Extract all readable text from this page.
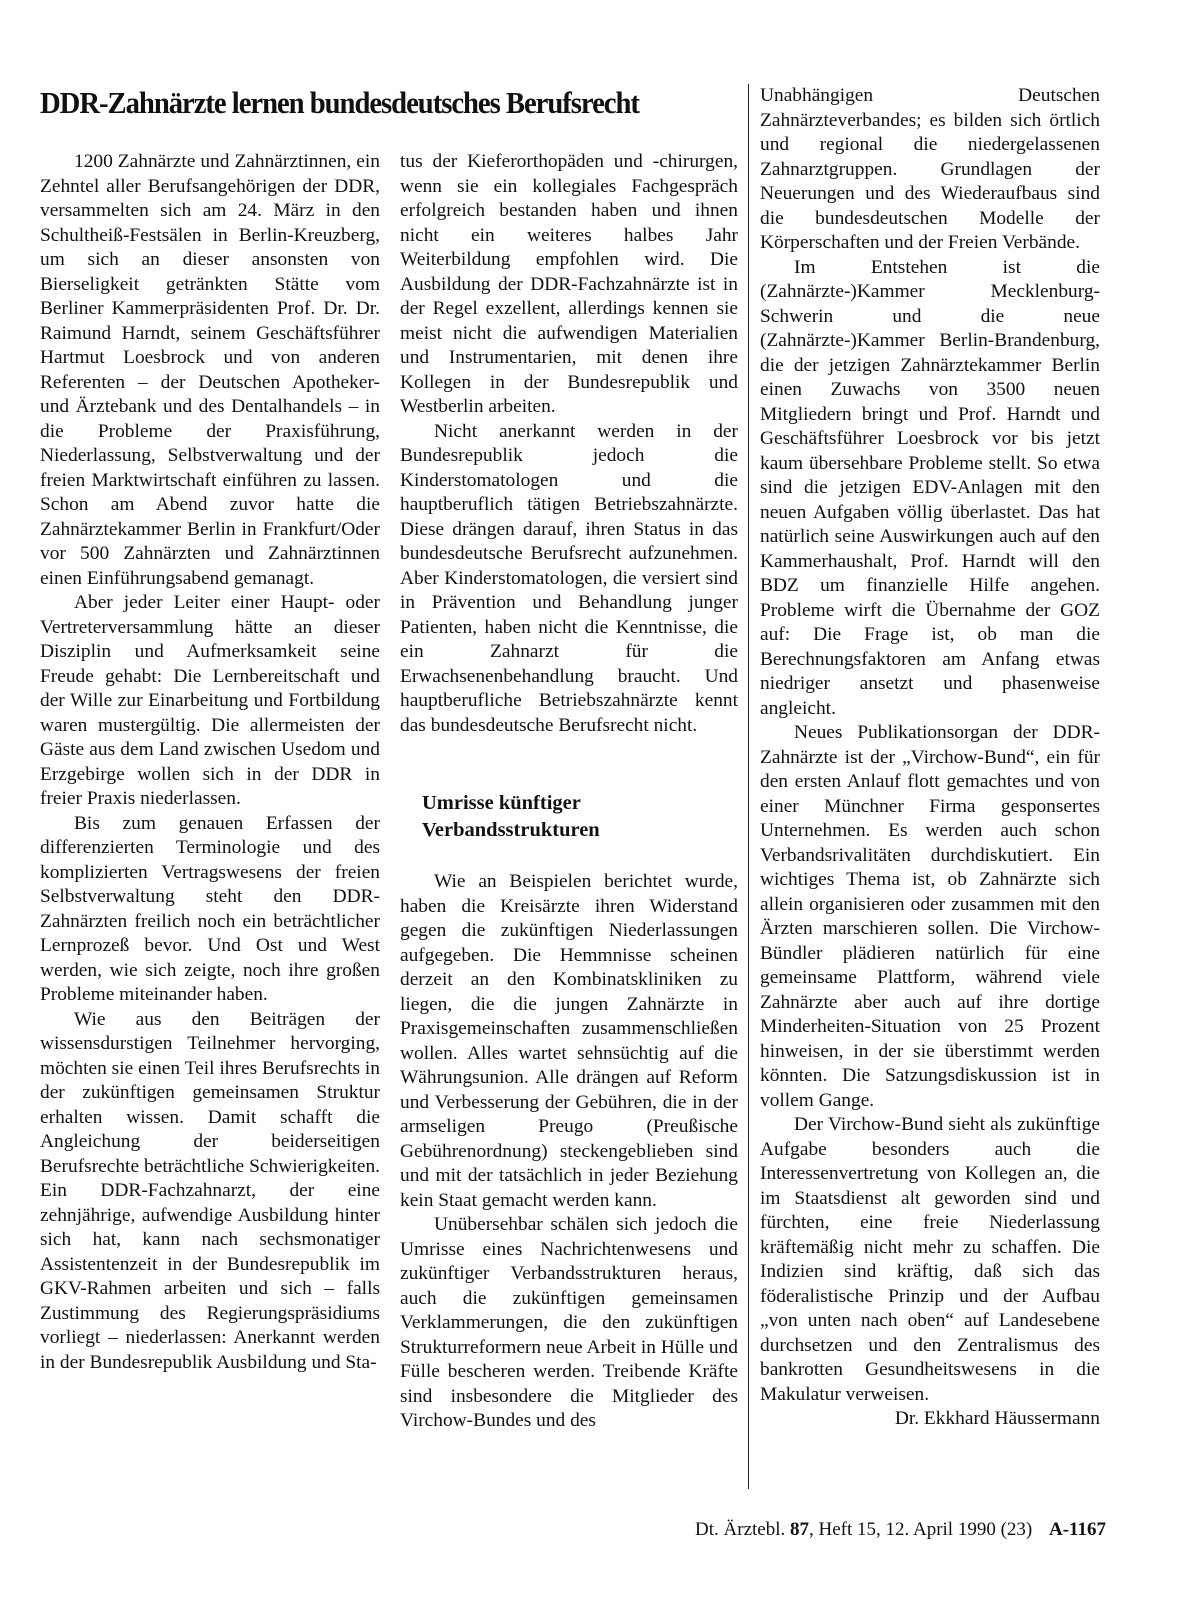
DDR-Zahnärzte lernen bundesdeutsches Berufsrecht

1200 Zahnärzte und Zahnärztinnen, ein Zehntel aller Berufsangehörigen der DDR, versammelten sich am 24. März in den Schultheiß-Festsälen in Berlin-Kreuzberg, um sich an dieser ansonsten von Bierseligkeit getränkten Stätte vom Berliner Kammerpräsidenten Prof. Dr. Dr. Raimund Harndt, seinem Geschäftsführer Hartmut Loesbrock und von anderen Referenten – der Deutschen Apotheker- und Ärztebank und des Dentalhandels – in die Probleme der Praxisführung, Niederlassung, Selbstverwaltung und der freien Marktwirtschaft einführen zu lassen. Schon am Abend zuvor hatte die Zahnärztekammer Berlin in Frankfurt/Oder vor 500 Zahnärzten und Zahnärztinnen einen Einführungsabend gemanagt.

Aber jeder Leiter einer Haupt- oder Vertreterversammlung hätte an dieser Disziplin und Aufmerksamkeit seine Freude gehabt: Die Lernbereitschaft und der Wille zur Einarbeitung und Fortbildung waren mustergültig. Die allermeisten der Gäste aus dem Land zwischen Usedom und Erzgebirge wollen sich in der DDR in freier Praxis niederlassen.

Bis zum genauen Erfassen der differenzierten Terminologie und des komplizierten Vertragswesens der freien Selbstverwaltung steht den DDR-Zahnärzten freilich noch ein beträchtlicher Lernprozeß bevor. Und Ost und West werden, wie sich zeigte, noch ihre großen Probleme miteinander haben.

Wie aus den Beiträgen der wissensdurstigen Teilnehmer hervorging, möchten sie einen Teil ihres Berufsrechts in der zukünftigen gemeinsamen Struktur erhalten wissen. Damit schafft die Angleichung der beiderseitigen Berufsrechte beträchtliche Schwierigkeiten. Ein DDR-Fachzahnarzt, der eine zehnjährige, aufwendige Ausbildung hinter sich hat, kann nach sechsmonatiger Assistentenzeit in der Bundesrepublik im GKV-Rahmen arbeiten und sich – falls Zustimmung des Regierungspräsidiums vorliegt – niederlassen: Anerkannt werden in der Bundesrepublik Ausbildung und Sta-

tus der Kieferorthopäden und -chirurgen, wenn sie ein kollegiales Fachgespräch erfolgreich bestanden haben und ihnen nicht ein weiteres halbes Jahr Weiterbildung empfohlen wird. Die Ausbildung der DDR-Fachzahnärzte ist in der Regel exzellent, allerdings kennen sie meist nicht die aufwendigen Materialien und Instrumentarien, mit denen ihre Kollegen in der Bundesrepublik und Westberlin arbeiten.

Nicht anerkannt werden in der Bundesrepublik jedoch die Kinderstomatologen und die hauptberuflich tätigen Betriebszahnärzte. Diese drängen darauf, ihren Status in das bundesdeutsche Berufsrecht aufzunehmen. Aber Kinderstomatologen, die versiert sind in Prävention und Behandlung junger Patienten, haben nicht die Kenntnisse, die ein Zahnarzt für die Erwachsenenbehandlung braucht. Und hauptberufliche Betriebszahnärzte kennt das bundesdeutsche Berufsrecht nicht.

Umrisse künftiger
Verbandsstrukturen

Wie an Beispielen berichtet wurde, haben die Kreisärzte ihren Widerstand gegen die zukünftigen Niederlassungen aufgegeben. Die Hemmnisse scheinen derzeit an den Kombinatskliniken zu liegen, die die jungen Zahnärzte in Praxisgemeinschaften zusammenschließen wollen. Alles wartet sehnsüchtig auf die Währungsunion. Alle drängen auf Reform und Verbesserung der Gebühren, die in der armseligen Preugo (Preußische Gebührenordnung) steckengeblieben sind und mit der tatsächlich in jeder Beziehung kein Staat gemacht werden kann.

Unübersehbar schälen sich jedoch die Umrisse eines Nachrichtenwesens und zukünftiger Verbandsstrukturen heraus, auch die zukünftigen gemeinsamen Verklammerungen, die den zukünftigen Strukturreformern neue Arbeit in Hülle und Fülle bescheren werden. Treibende Kräfte sind insbesondere die Mitglieder des Virchow-Bundes und des

Unabhängigen Deutschen Zahnärzteverbandes; es bilden sich örtlich und regional die niedergelassenen Zahnarztgruppen. Grundlagen der Neuerungen und des Wiederaufbaus sind die bundesdeutschen Modelle der Körperschaften und der Freien Verbände.

Im Entstehen ist die (Zahnärzte-)Kammer Mecklenburg-Schwerin und die neue (Zahnärzte-)Kammer Berlin-Brandenburg, die der jetzigen Zahnärztekammer Berlin einen Zuwachs von 3500 neuen Mitgliedern bringt und Prof. Harndt und Geschäftsführer Loesbrock vor bis jetzt kaum übersehbare Probleme stellt. So etwa sind die jetzigen EDV-Anlagen mit den neuen Aufgaben völlig überlastet. Das hat natürlich seine Auswirkungen auch auf den Kammerhaushalt, Prof. Harndt will den BDZ um finanzielle Hilfe angehen. Probleme wirft die Übernahme der GOZ auf: Die Frage ist, ob man die Berechnungsfaktoren am Anfang etwas niedriger ansetzt und phasenweise angleicht.

Neues Publikationsorgan der DDR-Zahnärzte ist der „Virchow-Bund“, ein für den ersten Anlauf flott gemachtes und von einer Münchner Firma gesponsertes Unternehmen. Es werden auch schon Verbandsrivalitäten durchdiskutiert. Ein wichtiges Thema ist, ob Zahnärzte sich allein organisieren oder zusammen mit den Ärzten marschieren sollen. Die Virchow-Bündler plädieren natürlich für eine gemeinsame Plattform, während viele Zahnärzte aber auch auf ihre dortige Minderheiten-Situation von 25 Prozent hinweisen, in der sie überstimmt werden könnten. Die Satzungsdiskussion ist in vollem Gange.

Der Virchow-Bund sieht als zukünftige Aufgabe besonders auch die Interessenvertretung von Kollegen an, die im Staatsdienst alt geworden sind und fürchten, eine freie Niederlassung kräftemäßig nicht mehr zu schaffen. Die Indizien sind kräftig, daß sich das föderalistische Prinzip und der Aufbau „von unten nach oben“ auf Landesebene durchsetzen und den Zentralismus des bankrotten Gesundheitswesens in die Makulatur verweisen.

Dr. Ekkhard Häussermann

Dt. Ärztebl. 87, Heft 15, 12. April 1990 (23) A-1167
